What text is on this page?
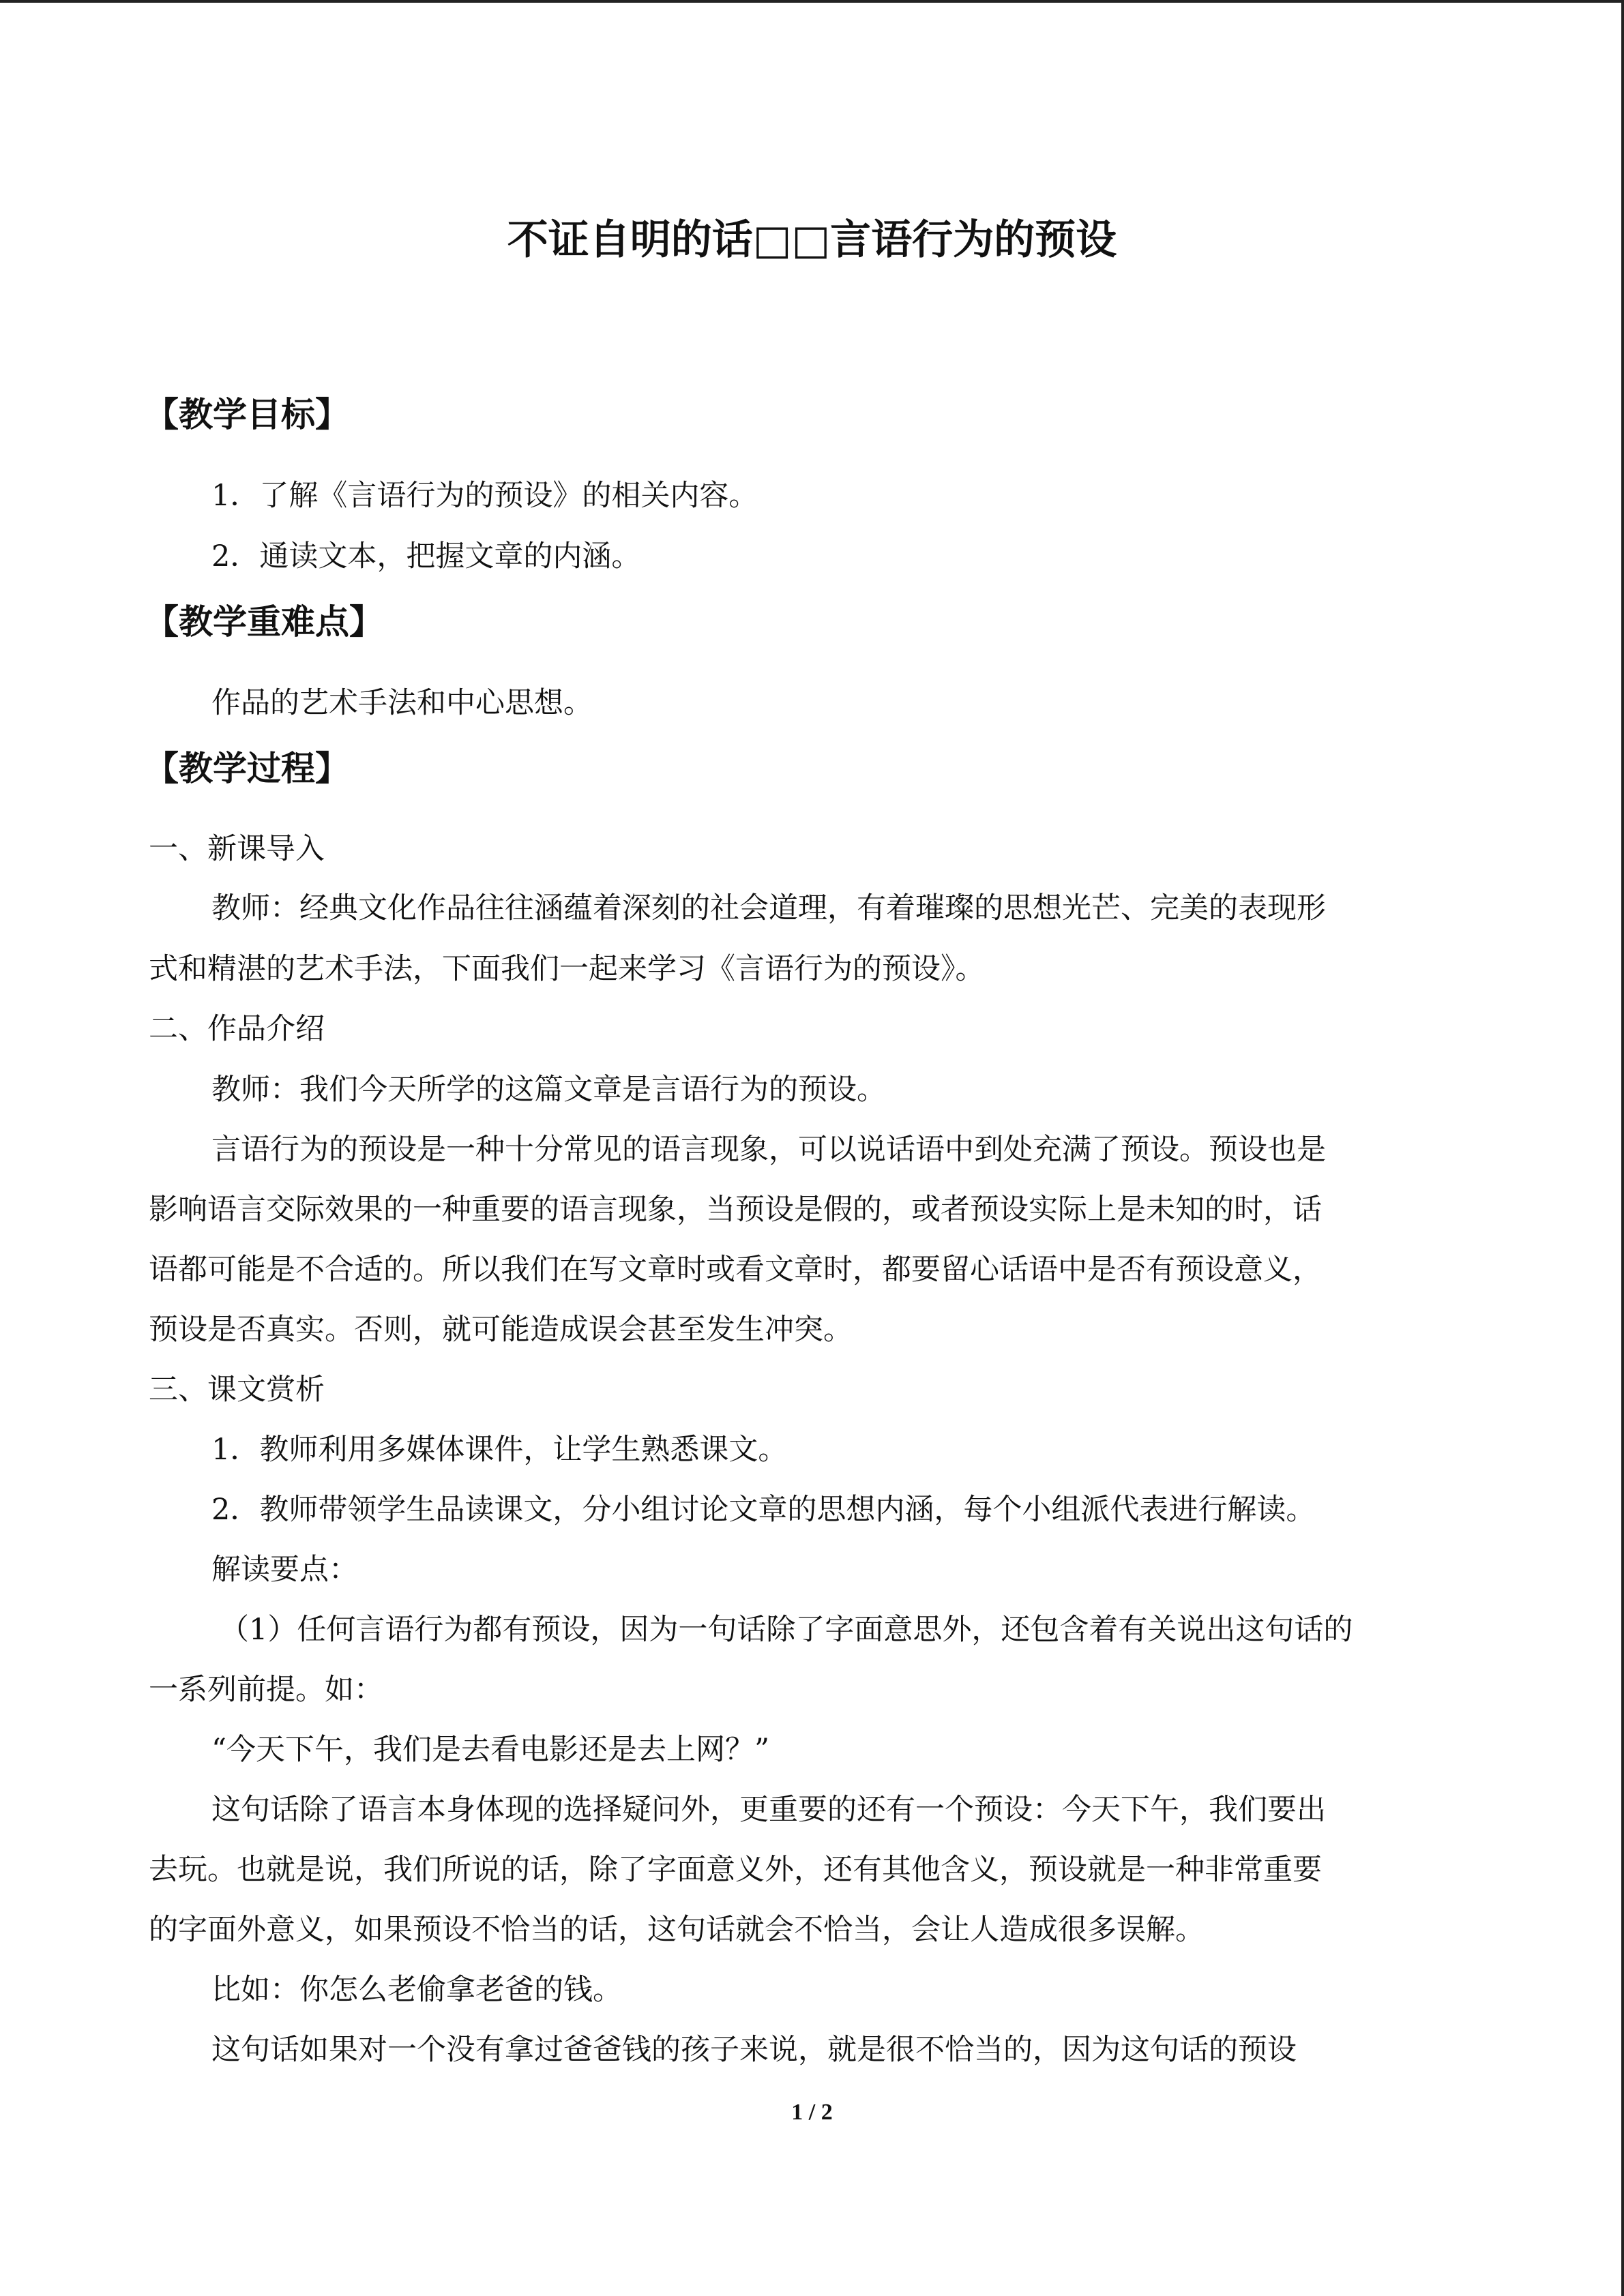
不证自明的话□□言语行为的预设
【教学目标】
1．了解《言语行为的预设》的相关内容。
2．通读文本，把握文章的内涵。
【教学重难点】
作品的艺术手法和中心思想。
【教学过程】
一、新课导入
教师：经典文化作品往往涵蕴着深刻的社会道理，有着璀璨的思想光芒、完美的表现形
式和精湛的艺术手法，下面我们一起来学习《言语行为的预设》。
二、作品介绍
教师：我们今天所学的这篇文章是言语行为的预设。
言语行为的预设是一种十分常见的语言现象，可以说话语中到处充满了预设。预设也是
影响语言交际效果的一种重要的语言现象，当预设是假的，或者预设实际上是未知的时，话
语都可能是不合适的。所以我们在写文章时或看文章时，都要留心话语中是否有预设意义，
预设是否真实。否则，就可能造成误会甚至发生冲突。
三、课文赏析
1．教师利用多媒体课件，让学生熟悉课文。
2．教师带领学生品读课文，分小组讨论文章的思想内涵，每个小组派代表进行解读。
解读要点：
（1）任何言语行为都有预设，因为一句话除了字面意思外，还包含着有关说出这句话的
一系列前提。如：
“今天下午，我们是去看电影还是去上网？”
这句话除了语言本身体现的选择疑问外，更重要的还有一个预设：今天下午，我们要出
去玩。也就是说，我们所说的话，除了字面意义外，还有其他含义，预设就是一种非常重要
的字面外意义，如果预设不恰当的话，这句话就会不恰当，会让人造成很多误解。
比如：你怎么老偷拿老爸的钱。
这句话如果对一个没有拿过爸爸钱的孩子来说，就是很不恰当的，因为这句话的预设
1 / 2
